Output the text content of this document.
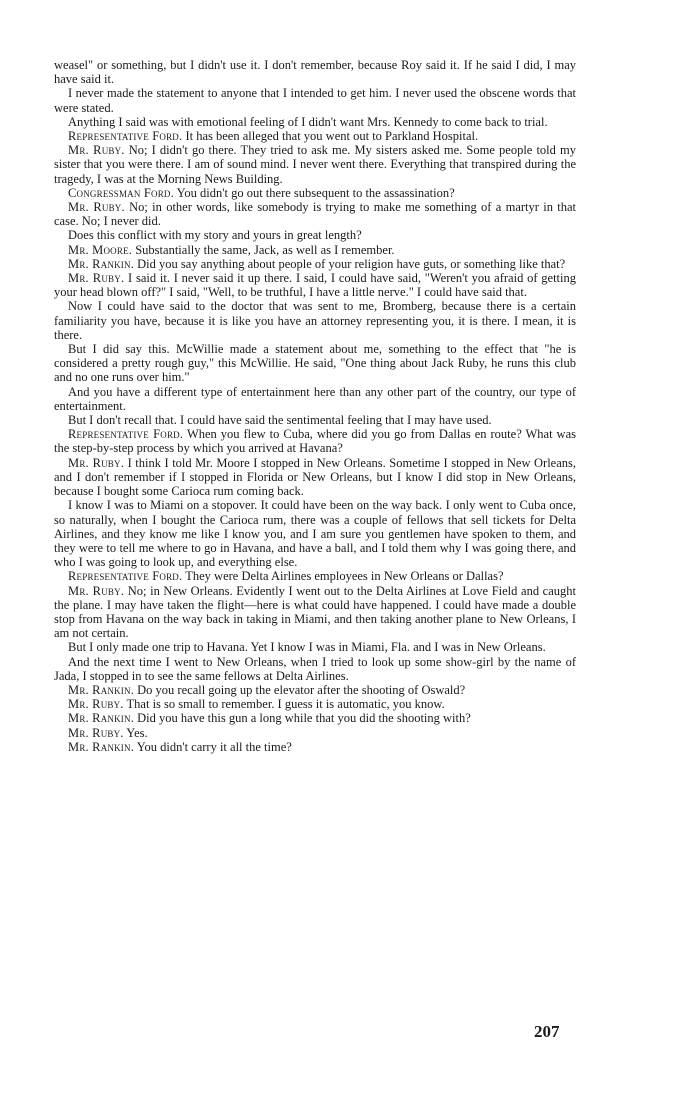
weasel" or something, but I didn't use it. I don't remember, because Roy said it. If he said I did, I may have said it.

I never made the statement to anyone that I intended to get him. I never used the obscene words that were stated.

Anything I said was with emotional feeling of I didn't want Mrs. Kennedy to come back to trial.

Representative Ford. It has been alleged that you went out to Parkland Hospital.

Mr. Ruby. No; I didn't go there. They tried to ask me. My sisters asked me. Some people told my sister that you were there. I am of sound mind. I never went there. Everything that transpired during the tragedy, I was at the Morning News Building.

Congressman Ford. You didn't go out there subsequent to the assassination?

Mr. Ruby. No; in other words, like somebody is trying to make me something of a martyr in that case. No; I never did.

Does this conflict with my story and yours in great length?

Mr. Moore. Substantially the same, Jack, as well as I remember.

Mr. Rankin. Did you say anything about people of your religion have guts, or something like that?

Mr. Ruby. I said it. I never said it up there. I said, I could have said, "Weren't you afraid of getting your head blown off?" I said, "Well, to be truthful, I have a little nerve." I could have said that.

Now I could have said to the doctor that was sent to me, Bromberg, because there is a certain familiarity you have, because it is like you have an attorney representing you, it is there. I mean, it is there.

But I did say this. McWillie made a statement about me, something to the effect that "he is considered a pretty rough guy," this McWillie. He said, "One thing about Jack Ruby, he runs this club and no one runs over him."

And you have a different type of entertainment here than any other part of the country, our type of entertainment.

But I don't recall that. I could have said the sentimental feeling that I may have used.

Representative Ford. When you flew to Cuba, where did you go from Dallas en route? What was the step-by-step process by which you arrived at Havana?

Mr. Ruby. I think I told Mr. Moore I stopped in New Orleans. Sometime I stopped in New Orleans, and I don't remember if I stopped in Florida or New Orleans, but I know I did stop in New Orleans, because I bought some Carioca rum coming back.

I know I was to Miami on a stopover. It could have been on the way back. I only went to Cuba once, so naturally, when I bought the Carioca rum, there was a couple of fellows that sell tickets for Delta Airlines, and they know me like I know you, and I am sure you gentlemen have spoken to them, and they were to tell me where to go in Havana, and have a ball, and I told them why I was going there, and who I was going to look up, and everything else.

Representative Ford. They were Delta Airlines employees in New Orleans or Dallas?

Mr. Ruby. No; in New Orleans. Evidently I went out to the Delta Airlines at Love Field and caught the plane. I may have taken the flight—here is what could have happened. I could have made a double stop from Havana on the way back in taking in Miami, and then taking another plane to New Orleans, I am not certain.

But I only made one trip to Havana. Yet I know I was in Miami, Fla. and I was in New Orleans.

And the next time I went to New Orleans, when I tried to look up some show-girl by the name of Jada, I stopped in to see the same fellows at Delta Airlines.

Mr. Rankin. Do you recall going up the elevator after the shooting of Oswald?

Mr. Ruby. That is so small to remember. I guess it is automatic, you know.

Mr. Rankin. Did you have this gun a long while that you did the shooting with?

Mr. Ruby. Yes.

Mr. Rankin. You didn't carry it all the time?

207
